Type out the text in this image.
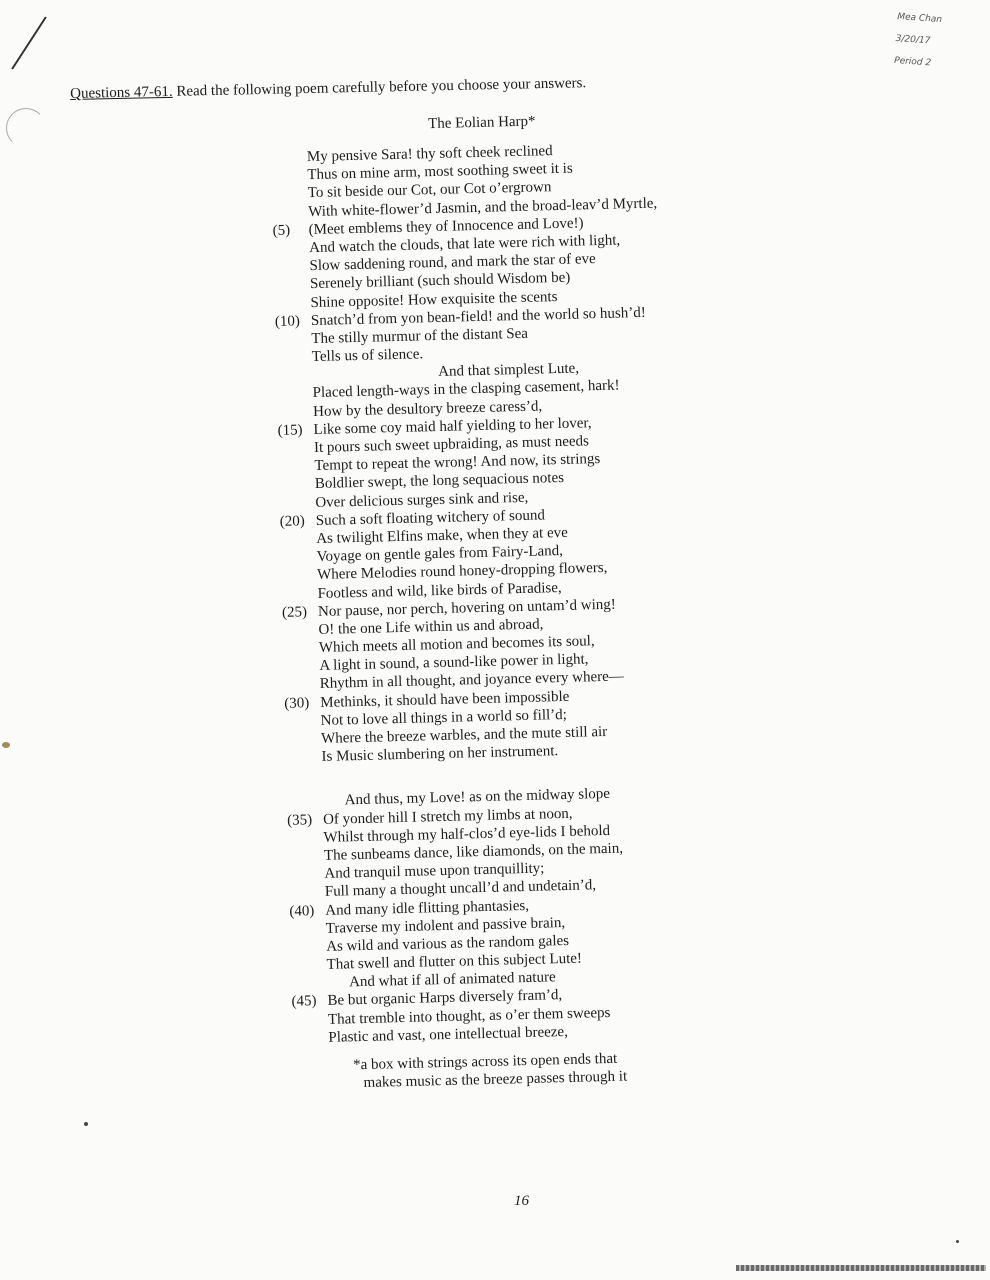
Mea Chan
3/20/17
Period 2
Questions 47-61. Read the following poem carefully before you choose your answers.
The Eolian Harp*
My pensive Sara! thy soft cheek reclined
Thus on mine arm, most soothing sweet it is
To sit beside our Cot, our Cot o’ergrown
With white-flower’d Jasmin, and the broad-leav’d Myrtle,
(5)	(Meet emblems they of Innocence and Love!)
And watch the clouds, that late were rich with light,
Slow saddening round, and mark the star of eve
Serenely brilliant (such should Wisdom be)
Shine opposite! How exquisite the scents
(10) Snatch’d from yon bean-field! and the world so hush’d!
The stilly murmur of the distant Sea
Tells us of silence.
And that simplest Lute,
Placed length-ways in the clasping casement, hark!
How by the desultory breeze caress’d,
(15) Like some coy maid half yielding to her lover,
It pours such sweet upbraiding, as must needs
Tempt to repeat the wrong! And now, its strings
Boldlier swept, the long sequacious notes
Over delicious surges sink and rise,
(20) Such a soft floating witchery of sound
As twilight Elfins make, when they at eve
Voyage on gentle gales from Fairy-Land,
Where Melodies round honey-dropping flowers,
Footless and wild, like birds of Paradise,
(25) Nor pause, nor perch, hovering on untam’d wing!
O! the one Life within us and abroad,
Which meets all motion and becomes its soul,
A light in sound, a sound-like power in light,
Rhythm in all thought, and joyance every where—
(30) Methinks, it should have been impossible
Not to love all things in a world so fill’d;
Where the breeze warbles, and the mute still air
Is Music slumbering on her instrument.
And thus, my Love! as on the midway slope
(35) Of yonder hill I stretch my limbs at noon,
Whilst through my half-clos’d eye-lids I behold
The sunbeams dance, like diamonds, on the main,
And tranquil muse upon tranquillity;
Full many a thought uncall’d and undetain’d,
(40) And many idle flitting phantasies,
Traverse my indolent and passive brain,
As wild and various as the random gales
That swell and flutter on this subject Lute!
And what if all of animated nature
(45) Be but organic Harps diversely fram’d,
That tremble into thought, as o’er them sweeps
Plastic and vast, one intellectual breeze,
*a box with strings across its open ends that
makes music as the breeze passes through it
16
